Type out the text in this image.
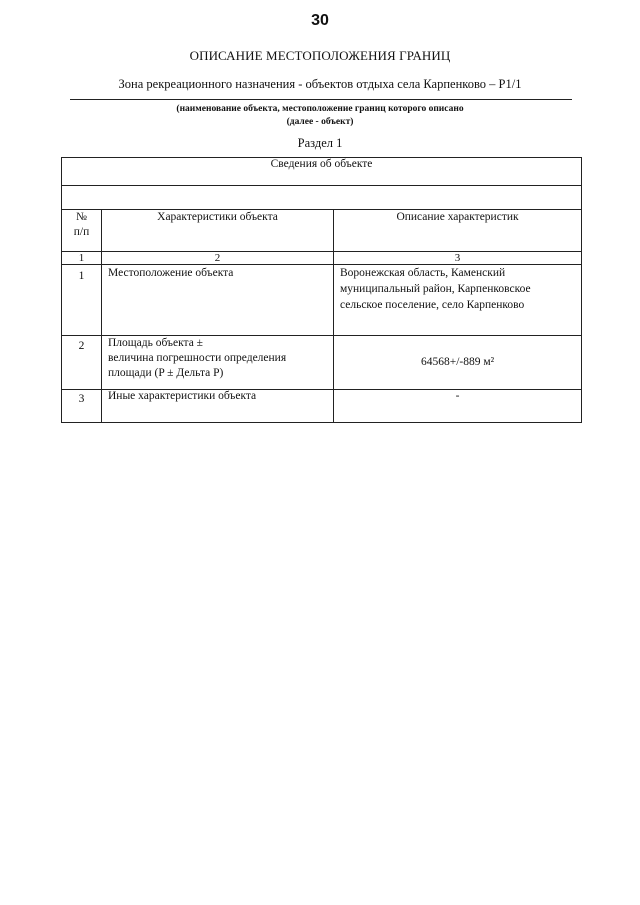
30
ОПИСАНИЕ МЕСТОПОЛОЖЕНИЯ ГРАНИЦ
Зона рекреационного назначения - объектов отдыха села Карпенково – Р1/1
(наименование объекта, местоположение границ которого описано
(далее - объект)
Раздел 1
Сведения об объекте		

№
п/п	Характеристики объекта	Описание характеристик
1	2	3
1	Местоположение объекта	Воронежская область, Каменский муниципальный район, Карпенковское сельское поселение, село Карпенково
2	Площадь объекта ±
величина погрешности определения
площади (P ± Дельта P)	64568+/-889 м²
3	Иные характеристики объекта	-
